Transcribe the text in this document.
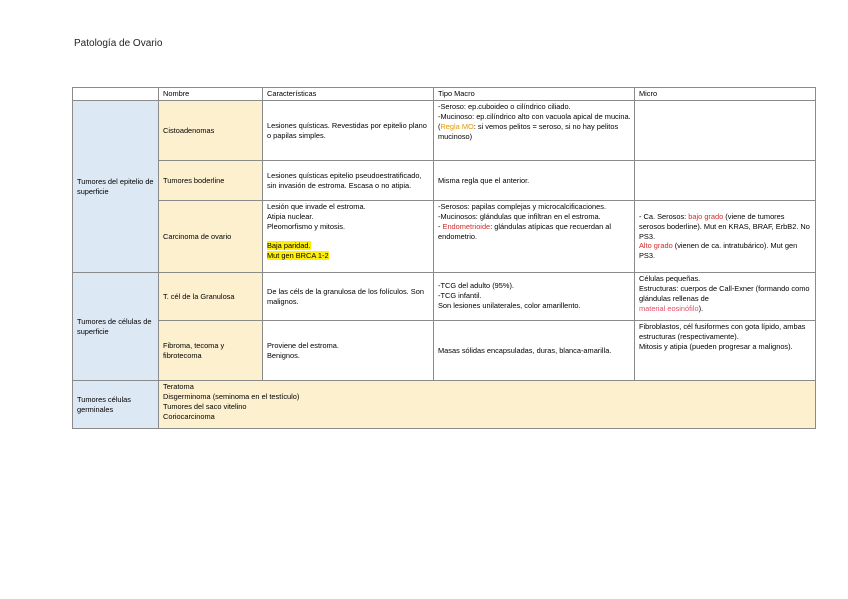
Patología de Ovario
	Nombre	Características	Tipo Macro	Micro
Tumores del epitelio de superficie	Cistoadenomas	Lesiones quísticas. Revestidas por epitelio plano o papilas simples.	-Seroso: ep.cuboideo o cilíndrico ciliado.
-Mucinoso: ep.cilíndrico alto con vacuola apical de mucina.
(Regla MO: si vemos pelitos = seroso, si no hay pelitos mucinoso)	
	Tumores boderline	Lesiones quísticas epitelio pseudoestratificado, sin invasión de estroma. Escasa o no atipia.	Misma regla que el anterior.	
	Carcinoma de ovario	Lesión que invade el estroma.
Atipia nuclear.
Pleomorfismo y mitosis.
Baja paridad.
Mut gen BRCA 1-2	-Serosos: papilas complejas y microcalcificaciones.
-Mucinosos: glándulas que infiltran en el estroma.
- Endometrioide: glándulas atípicas que recuerdan al endometrio.	- Ca. Serosos: bajo grado (viene de tumores serosos boderline). Mut en KRAS, BRAF, ErbB2. No PS3.
Alto grado (vienen de ca. intratubárico). Mut gen PS3.

Tumores de células de superficie	T. cél de la Granulosa	De las céls de la granulosa de los folículos. Son malignos.	-TCG del adulto (95%).
-TCG infantil.
Son lesiones unilaterales, color amarillento.	Células pequeñas.
Estructuras: cuerpos de Call-Exner (formando como glándulas rellenas de
material eosinófilo).

	Fibroma, tecoma y fibrotecoma	Proviene del estroma.
Benignos.	Masas sólidas encapsuladas, duras, blanca-amarilla.	Fibroblastos, cél fusiformes con gota lípido, ambas estructuras (respectivamente).
Mitosis y atipia (pueden progresar a malignos).

Tumores células germinales	Teratoma
Disgerminoma (seminoma en el testículo)
Tumores del saco vitelino
Coriocarcinoma			
